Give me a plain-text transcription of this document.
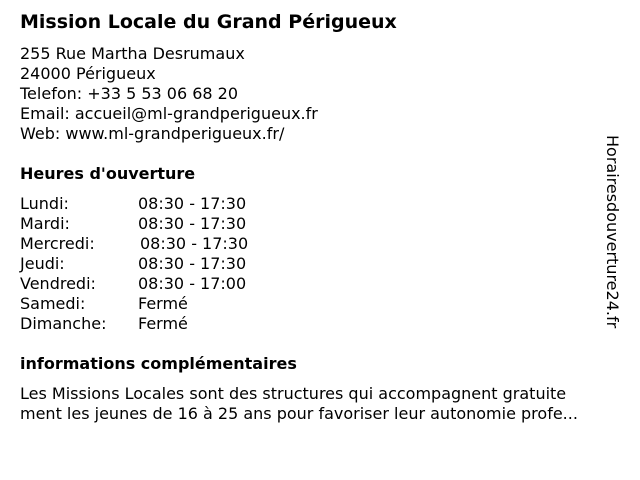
Mission Locale du Grand Périgueux
255 Rue Martha Desrumaux
24000 Périgueux
Telefon: +33 5 53 06 68 20
Email: accueil@ml-grandperigueux.fr
Web: www.ml-grandperigueux.fr/
Heures d'ouverture
Lundi:	08:30 - 17:30
Mardi:	08:30 - 17:30
Mercredi:	08:30 - 17:30
Jeudi:	08:30 - 17:30
Vendredi:	08:30 - 17:00
Samedi:	Fermé
Dimanche: Fermé
informations complémentaires
Les Missions Locales sont des structures qui accompagnent gratuite
ment les jeunes de 16 à 25 ans pour favoriser leur autonomie profe...
Horairesdouverture24.fr
